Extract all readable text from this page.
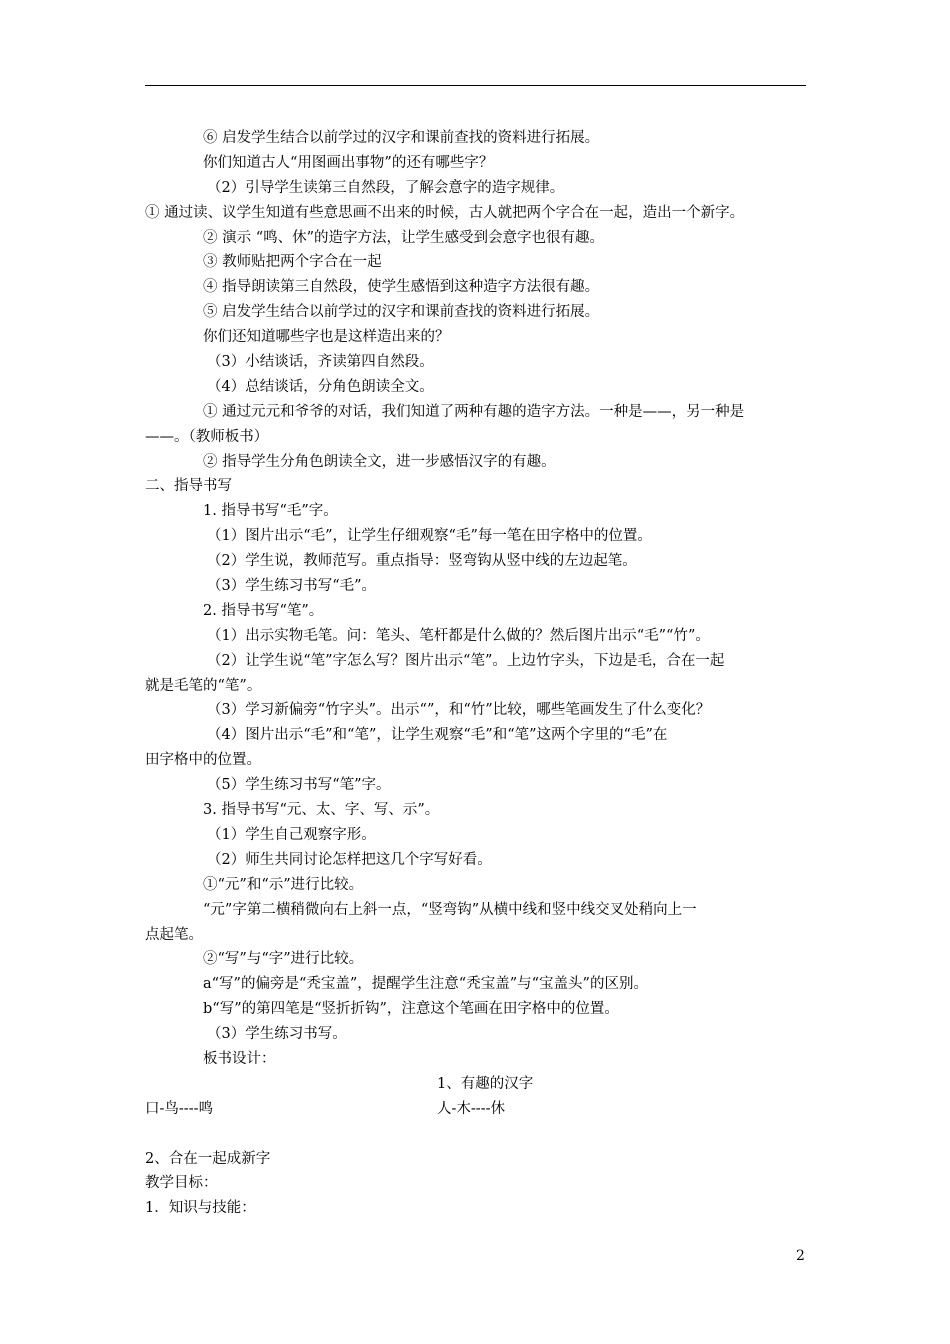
⑥ 启发学生结合以前学过的汉字和课前查找的资料进行拓展。
你们知道古人“用图画出事物”的还有哪些字？
（2）引导学生读第三自然段，了解会意字的造字规律。
① 通过读、议学生知道有些意思画不出来的时候，古人就把两个字合在一起，造出一个新字。
② 演示 “鸣、休”的造字方法，让学生感受到会意字也很有趣。
③ 教师贴把两个字合在一起
④ 指导朗读第三自然段，使学生感悟到这种造字方法很有趣。
⑤ 启发学生结合以前学过的汉字和课前查找的资料进行拓展。
你们还知道哪些字也是这样造出来的？
（3）小结谈话，齐读第四自然段。
（4）总结谈话，分角色朗读全文。
① 通过元元和爷爷的对话，我们知道了两种有趣的造字方法。一种是——，另一种是
——。（教师板书）
② 指导学生分角色朗读全文，进一步感悟汉字的有趣。
二、指导书写
1. 指导书写“毛”字。
（1）图片出示“毛”，让学生仔细观察“毛”每一笔在田字格中的位置。
（2）学生说，教师范写。重点指导：竖弯钩从竖中线的左边起笔。
（3）学生练习书写“毛”。
2. 指导书写“笔”。
（1）出示实物毛笔。问：笔头、笔杆都是什么做的？然后图片出示“毛”“竹”。
（2）让学生说“笔”字怎么写？图片出示“笔”。上边竹字头，下边是毛，合在一起
就是毛笔的“笔”。
（3）学习新偏旁“竹字头”。出示“”，和“竹”比较，哪些笔画发生了什么变化？
（4）图片出示“毛”和“笔”，让学生观察“毛”和“笔”这两个字里的“毛”在
田字格中的位置。
（5）学生练习书写“笔”字。
3. 指导书写“元、太、字、写、示”。
（1）学生自己观察字形。
（2）师生共同讨论怎样把这几个字写好看。
①“元”和“示”进行比较。
“元”字第二横稍微向右上斜一点，“竖弯钩”从横中线和竖中线交叉处稍向上一
点起笔。
②“写”与“字”进行比较。
a“写”的偏旁是“秃宝盖”，提醒学生注意“秃宝盖”与“宝盖头”的区别。
b“写”的第四笔是“竖折折钩”，注意这个笔画在田字格中的位置。
（3）学生练习书写。
板书设计：
1、有趣的汉字
口-鸟----鸣	人-木----休
2、合在一起成新字
教学目标：
1．知识与技能：
2
